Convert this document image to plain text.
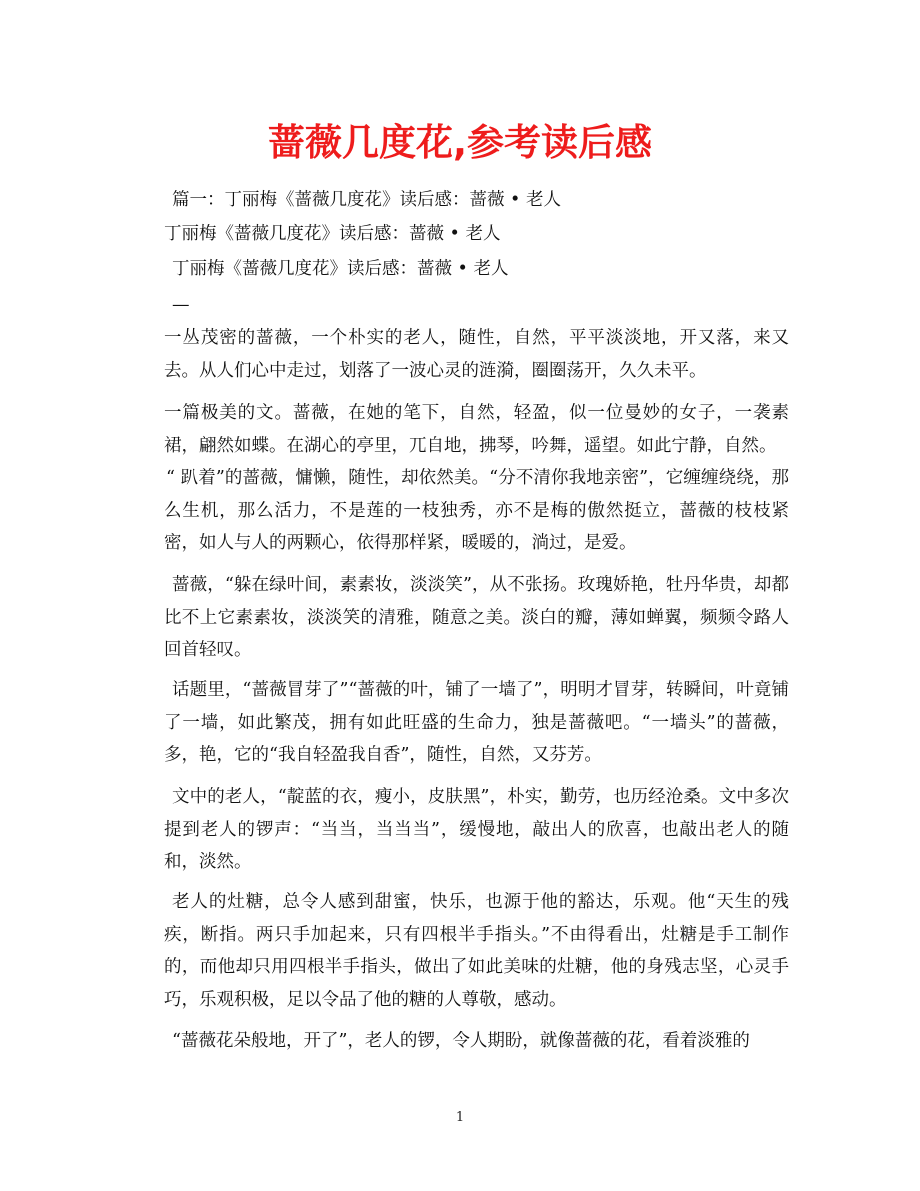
蔷薇几度花,参考读后感

篇一：丁丽梅《蔷薇几度花》读后感：蔷薇 • 老人

丁丽梅《蔷薇几度花》读后感：蔷薇 • 老人

丁丽梅《蔷薇几度花》读后感：蔷薇 • 老人

—

一丛茂密的蔷薇，一个朴实的老人，随性，自然，平平淡淡地，开又落，来又去。从人们心中走过，划落了一波心灵的涟漪，圈圈荡开，久久未平。

一篇极美的文。蔷薇，在她的笔下，自然，轻盈，似一位曼妙的女子，一袭素裙，翩然如蝶。在湖心的亭里，兀自地，拂琴，吟舞，遥望。如此宁静，自然。

“ 趴着”的蔷薇，慵懒，随性，却依然美。“分不清你我地亲密”，它缠缠绕绕，那么生机，那么活力，不是莲的一枝独秀，亦不是梅的傲然挺立，蔷薇的枝枝紧密，如人与人的两颗心，依得那样紧，暖暖的，淌过，是爱。

蔷薇，“躲在绿叶间，素素妆，淡淡笑”，从不张扬。玫瑰娇艳，牡丹华贵，却都比不上它素素妆，淡淡笑的清雅，随意之美。淡白的瓣，薄如蝉翼，频频令路人回首轻叹。

话题里，“蔷薇冒芽了”“蔷薇的叶，铺了一墙了”，明明才冒芽，转瞬间，叶竟铺了一墙，如此繁茂，拥有如此旺盛的生命力，独是蔷薇吧。“一墙头”的蔷薇，多，艳，它的“我自轻盈我自香”，随性，自然，又芬芳。

文中的老人，“靛蓝的衣，瘦小，皮肤黑”，朴实，勤劳，也历经沧桑。文中多次提到老人的锣声：“当当，当当当”，缓慢地，敲出人的欣喜，也敲出老人的随和，淡然。

老人的灶糖，总令人感到甜蜜，快乐，也源于他的豁达，乐观。他“天生的残疾，断指。两只手加起来，只有四根半手指头。”不由得看出，灶糖是手工制作的，而他却只用四根半手指头，做出了如此美味的灶糖，他的身残志坚，心灵手巧，乐观积极，足以令品了他的糖的人尊敬，感动。

“蔷薇花朵般地，开了”，老人的锣，令人期盼，就像蔷薇的花，看着淡雅的

1
